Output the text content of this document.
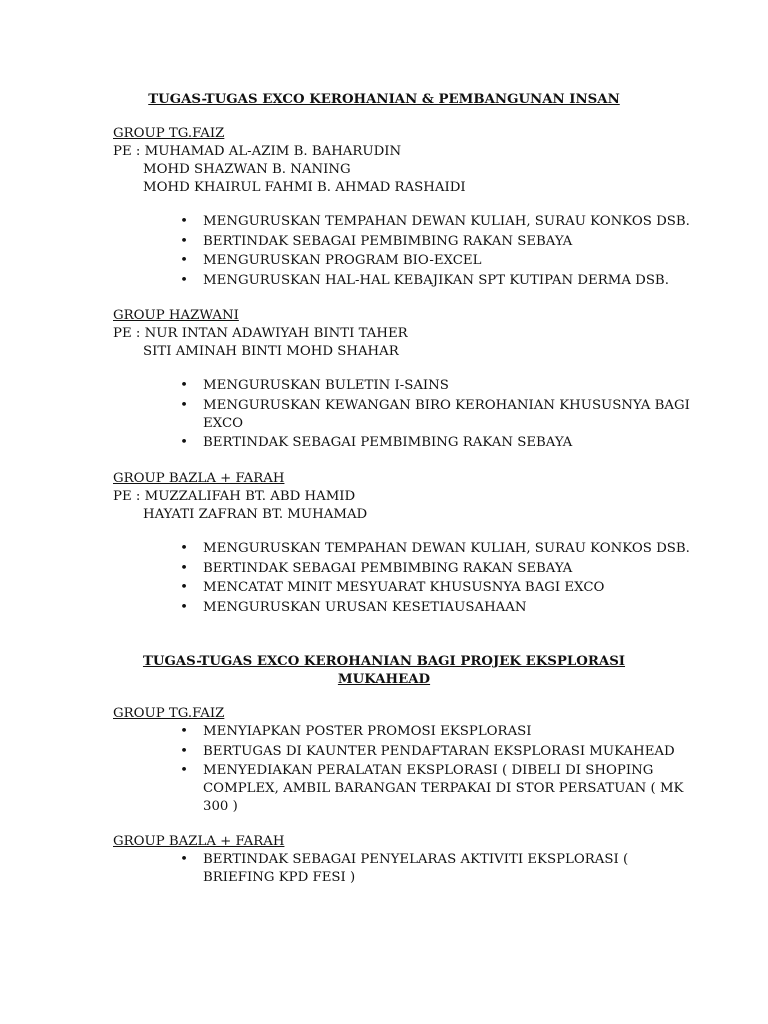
TUGAS-TUGAS EXCO KEROHANIAN & PEMBANGUNAN INSAN
GROUP TG.FAIZ
PE : MUHAMAD AL-AZIM B. BAHARUDIN
MOHD SHAZWAN B. NANING
MOHD KHAIRUL FAHMI B. AHMAD RASHAIDI
• MENGURUSKAN TEMPAHAN DEWAN KULIAH, SURAU KONKOS DSB.
• BERTINDAK SEBAGAI PEMBIMBING RAKAN SEBAYA
• MENGURUSKAN PROGRAM BIO-EXCEL
• MENGURUSKAN HAL-HAL KEBAJIKAN SPT KUTIPAN DERMA DSB.
GROUP HAZWANI
PE : NUR INTAN ADAWIYAH BINTI TAHER
SITI AMINAH BINTI MOHD SHAHAR
• MENGURUSKAN BULETIN I-SAINS
• MENGURUSKAN KEWANGAN BIRO KEROHANIAN KHUSUSNYA BAGI EXCO
• BERTINDAK SEBAGAI PEMBIMBING RAKAN SEBAYA
GROUP BAZLA + FARAH
PE : MUZZALIFAH BT. ABD HAMID
HAYATI ZAFRAN BT. MUHAMAD
• MENGURUSKAN TEMPAHAN DEWAN KULIAH, SURAU KONKOS DSB.
• BERTINDAK SEBAGAI PEMBIMBING RAKAN SEBAYA
• MENCATAT MINIT MESYUARAT KHUSUSNYA BAGI EXCO
• MENGURUSKAN URUSAN KESETIAUSAHAAN
TUGAS-TUGAS EXCO KEROHANIAN BAGI PROJEK EKSPLORASI
MUKAHEAD
GROUP TG.FAIZ
• MENYIAPKAN POSTER PROMOSI EKSPLORASI
• BERTUGAS DI KAUNTER PENDAFTARAN EKSPLORASI MUKAHEAD
• MENYEDIAKAN PERALATAN EKSPLORASI ( DIBELI DI SHOPING COMPLEX, AMBIL BARANGAN TERPAKAI DI STOR PERSATUAN ( MK 300 )
GROUP BAZLA + FARAH
• BERTINDAK SEBAGAI PENYELARAS AKTIVITI EKSPLORASI ( BRIEFING KPD FESI )
